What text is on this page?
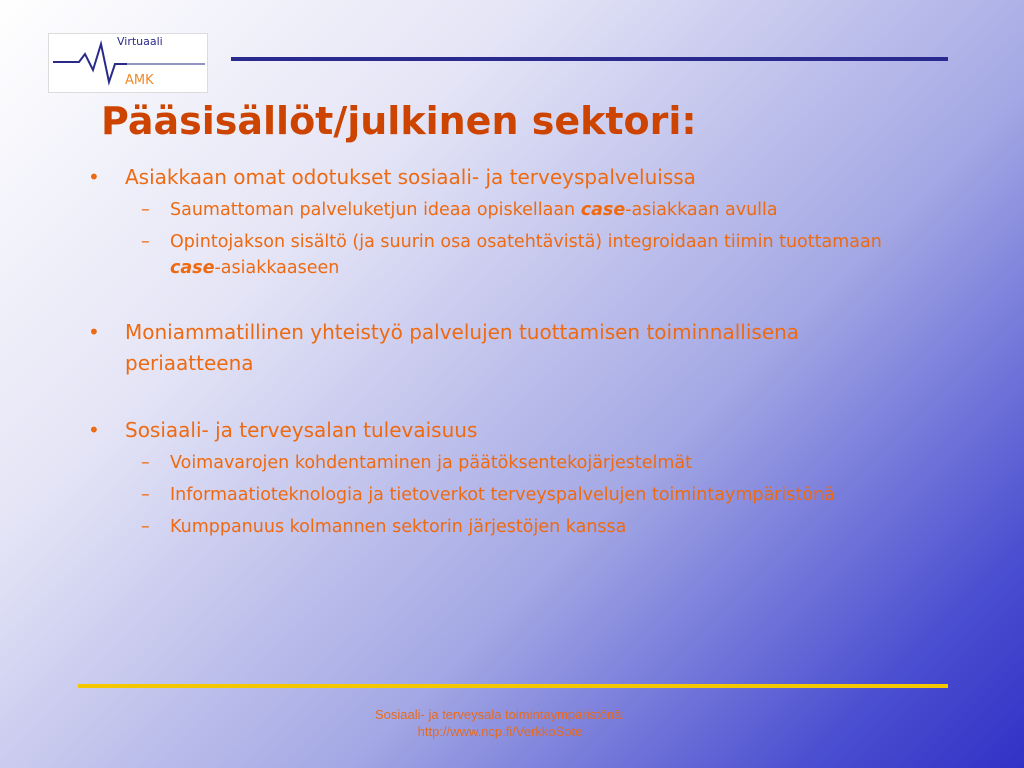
Virtuaali
AMK
Pääsisällöt/julkinen sektori:
• Asiakkaan omat odotukset sosiaali- ja terveyspalveluissa
– Saumattoman palveluketjun ideaa opiskellaan case-asiakkaan avulla
– Opintojakson sisältö (ja suurin osa osatehtävistä) integroidaan tiimin tuottamaan case-asiakkaaseen
• Moniammatillinen yhteistyö palvelujen tuottamisen toiminnallisena periaatteena
• Sosiaali- ja terveysalan tulevaisuus
– Voimavarojen kohdentaminen ja päätöksentekojärjestelmät
– Informaatioteknologia ja tietoverkot terveyspalvelujen toimintaympäristönä
– Kumppanuus kolmannen sektorin järjestöjen kanssa
Sosiaali- ja terveysala toimintaympäristönä:
http://www.ncp.fi/VerkkoSote
